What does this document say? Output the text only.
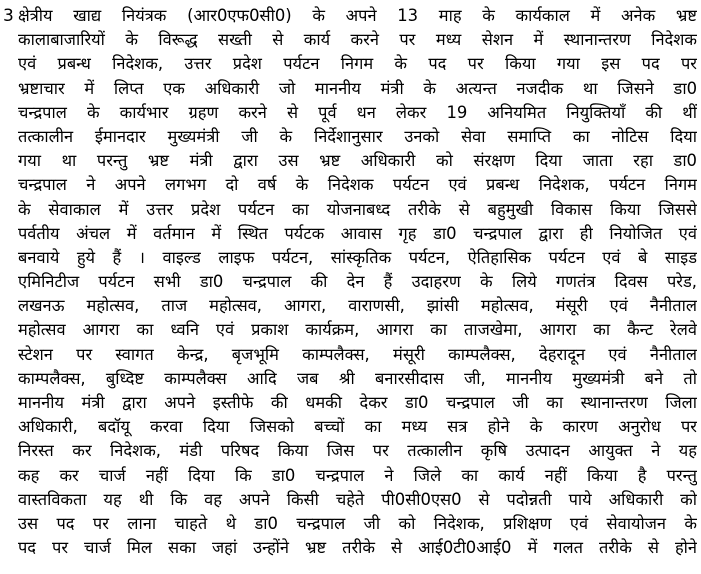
3 क्षेत्रीय खाद्य नियंत्रक (आर0एफ0सी0) के अपने 13 माह के कार्यकाल में अनेक भ्रष्ट
कालाबाजारियों के विरूद्ध सख्ती से कार्य करने पर मध्य सेशन में स्थानान्तरण निदेशक
एवं प्रबन्ध निदेशक, उत्तर प्रदेश पर्यटन निगम के पद पर किया गया इस पद पर
भ्रष्टाचार में लिप्त एक अधिकारी जो माननीय मंत्री के अत्यन्त नजदीक था जिसने डा0
चन्द्रपाल के कार्यभार ग्रहण करने से पूर्व धन लेकर 19 अनियमित नियुक्तियॉं की थीं
तत्कालीन ईमानदार मुख्यमंत्री जी के निर्देशानुसार उनको सेवा समाप्ति का नोटिस दिया
गया था परन्तु भ्रष्ट मंत्री द्वारा उस भ्रष्ट अधिकारी को संरक्षण दिया जाता रहा डा0
चन्द्रपाल ने अपने लगभग दो वर्ष के निदेशक पर्यटन एवं प्रबन्ध निदेशक, पर्यटन निगम
के सेवाकाल में उत्तर प्रदेश पर्यटन का योजनाबध्द तरीके से बहुमुखी विकास किया जिससे
पर्वतीय अंचल में वर्तमान में स्थित पर्यटक आवास गृह डा0 चन्द्रपाल द्वारा ही नियोजित एवं
बनवाये हुये हैं । वाइल्ड लाइफ पर्यटन, सांस्कृतिक पर्यटन, ऐतिहासिक पर्यटन एवं बे साइड
एमिनिटीज पर्यटन सभी डा0 चन्द्रपाल की देन हैं उदाहरण के लिये गणतंत्र दिवस परेड,
लखनऊ महोत्सव, ताज महोत्सव, आगरा, वाराणसी, झांसी महोत्सव, मंसूरी एवं नैनीताल
महोत्सव आगरा का ध्वनि एवं प्रकाश कार्यक्रम, आगरा का ताजखेमा, आगरा का कैन्ट रेलवे
स्टेशन पर स्वागत केन्द्र, बृजभूमि काम्पलैक्स, मंसूरी काम्पलैक्स, देहरादून एवं नैनीताल
काम्पलैक्स, बुध्दिष्ट काम्पलैक्स आदि जब श्री बनारसीदास जी, माननीय मुख्यमंत्री बने तो
माननीय मंत्री द्वारा अपने इस्तीफे की धमकी देकर डा0 चन्द्रपाल जी का स्थानान्तरण जिला
अधिकारी, बदॉयू करवा दिया जिसको बच्चों का मध्य सत्र होने के कारण अनुरोध पर
निरस्त कर निदेशक, मंडी परिषद किया जिस पर तत्कालीन कृषि उत्पादन आयुक्त ने यह
कह कर चार्ज नहीं दिया कि डा0 चन्द्रपाल ने जिले का कार्य नहीं किया है परन्तु
वास्तविकता यह थी कि वह अपने किसी चहेते पी0सी0एस0 से पदोन्नती पाये अधिकारी को
उस पद पर लाना चाहते थे डा0 चन्द्रपाल जी को निदेशक, प्रशिक्षण एवं सेवायोजन के
पद पर चार्ज मिल सका जहां उन्होंने भ्रष्ट तरीके से आई0टी0आई0 में गलत तरीके से होने
